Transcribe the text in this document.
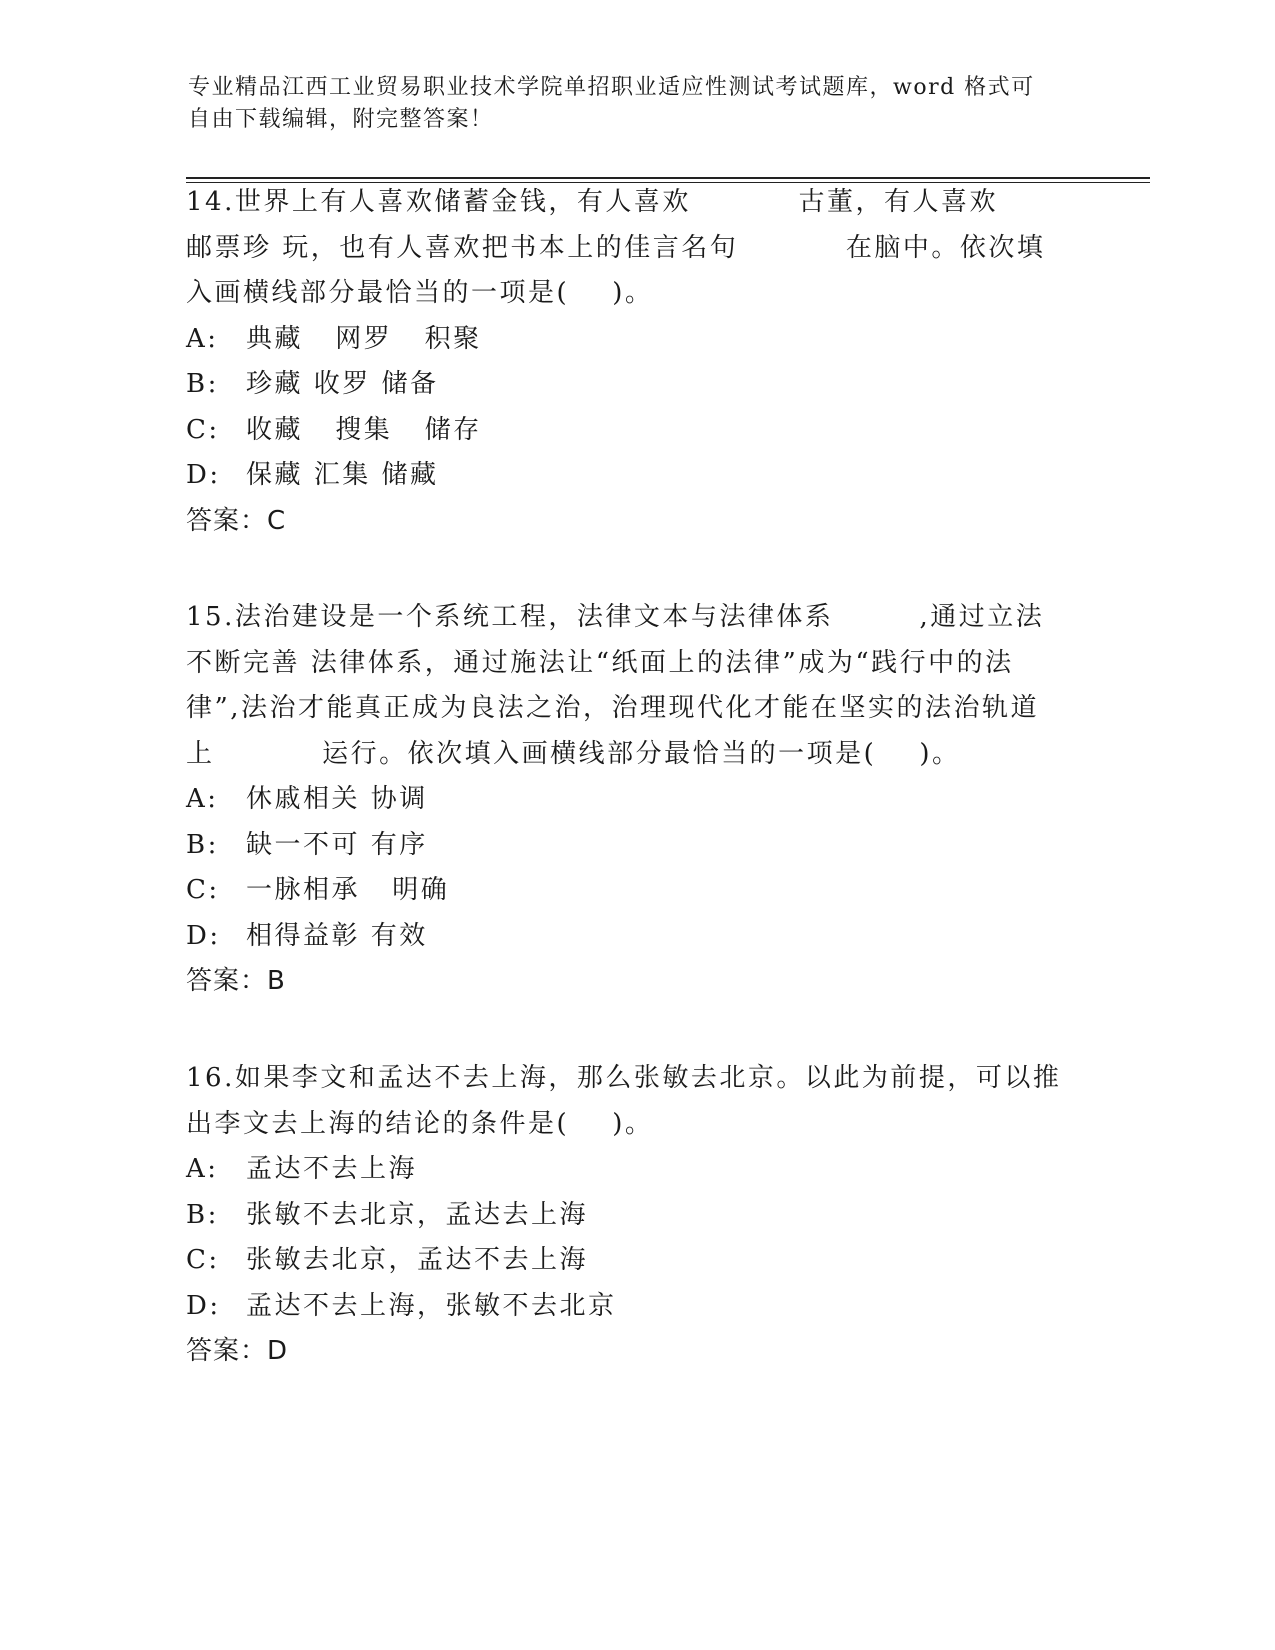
专业精品江西工业贸易职业技术学院单招职业适应性测试考试题库，word 格式可
自由下载编辑，附完整答案！
14.世界上有人喜欢储蓄金钱，有人喜欢          古董，有人喜欢
邮票珍 玩，也有人喜欢把书本上的佳言名句          在脑中。依次填
入画横线部分最恰当的一项是(    )。
A:	典藏   网罗   积聚
B:	珍藏 收罗 储备
C:	收藏   搜集   储存
D: 保藏 汇集 储藏
答案：C
15.法治建设是一个系统工程，法律文本与法律体系        ,通过立法
不断完善 法律体系，通过施法让“纸面上的法律”成为“践行中的法
律”,法治才能真正成为良法之治，治理现代化才能在坚实的法治轨道
上          运行。依次填入画横线部分最恰当的一项是(    )。
A:	休戚相关 协调
B:	缺一不可 有序
C:	一脉相承   明确
D: 相得益彰 有效
答案：B
16.如果李文和孟达不去上海，那么张敏去北京。以此为前提，可以推
出李文去上海的结论的条件是(    )。
A:	孟达不去上海
B:	张敏不去北京，孟达去上海
C:	张敏去北京，孟达不去上海
D: 孟达不去上海，张敏不去北京
答案：D
